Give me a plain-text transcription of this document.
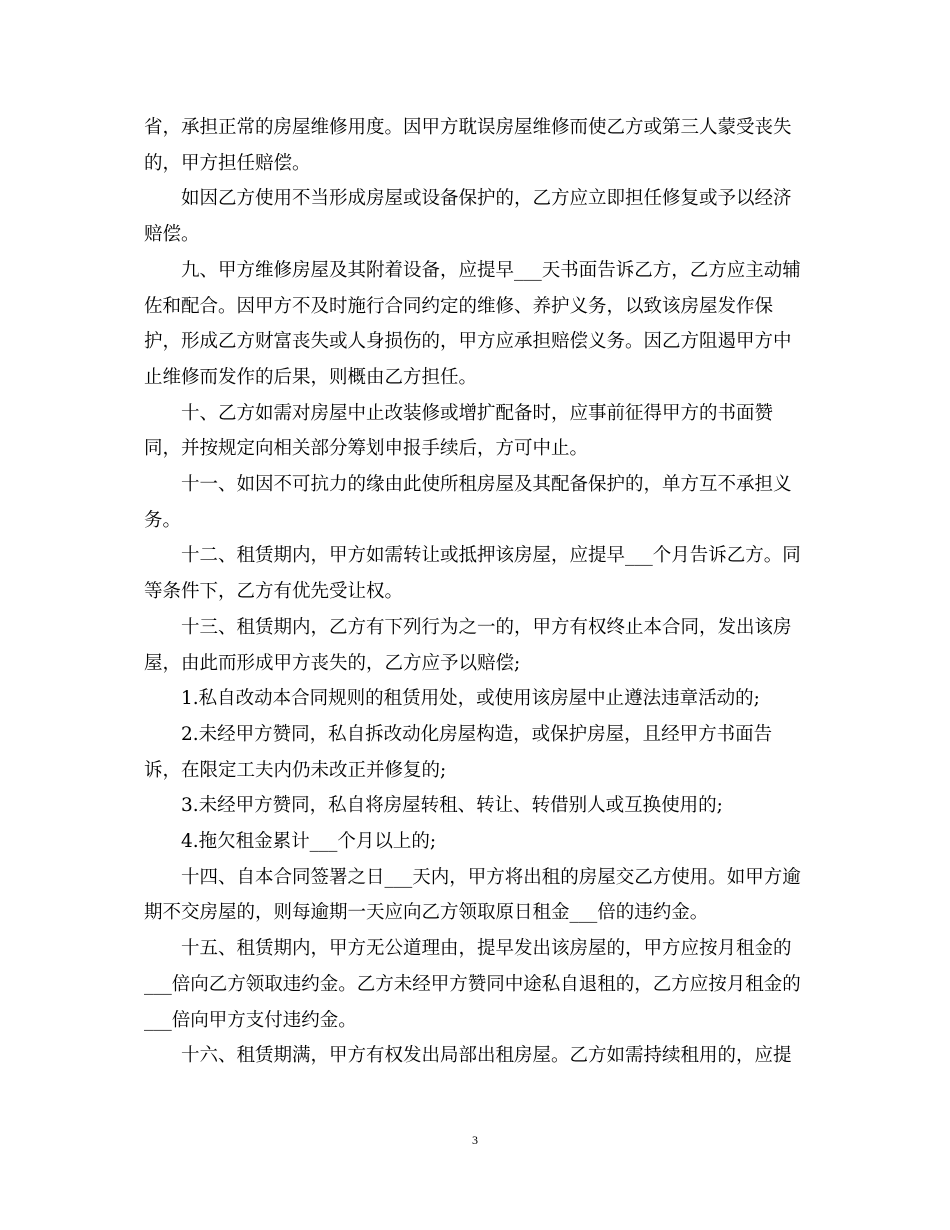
省，承担正常的房屋维修用度。因甲方耽误房屋维修而使乙方或第三人蒙受丧失
的，甲方担任赔偿。
如因乙方使用不当形成房屋或设备保护的，乙方应立即担任修复或予以经济
赔偿。
九、甲方维修房屋及其附着设备，应提早___天书面告诉乙方，乙方应主动辅
佐和配合。因甲方不及时施行合同约定的维修、养护义务，以致该房屋发作保
护，形成乙方财富丧失或人身损伤的，甲方应承担赔偿义务。因乙方阻遏甲方中
止维修而发作的后果，则概由乙方担任。
十、乙方如需对房屋中止改装修或增扩配备时，应事前征得甲方的书面赞
同，并按规定向相关部分筹划申报手续后，方可中止。
十一、如因不可抗力的缘由此使所租房屋及其配备保护的，单方互不承担义
务。
十二、租赁期内，甲方如需转让或抵押该房屋，应提早___个月告诉乙方。同
等条件下，乙方有优先受让权。
十三、租赁期内，乙方有下列行为之一的，甲方有权终止本合同，发出该房
屋，由此而形成甲方丧失的，乙方应予以赔偿;
1.私自改动本合同规则的租赁用处，或使用该房屋中止遵法违章活动的;
2.未经甲方赞同，私自拆改动化房屋构造，或保护房屋，且经甲方书面告
诉，在限定工夫内仍未改正并修复的;
3.未经甲方赞同，私自将房屋转租、转让、转借别人或互换使用的;
4.拖欠租金累计___个月以上的;
十四、自本合同签署之日___天内，甲方将出租的房屋交乙方使用。如甲方逾
期不交房屋的，则每逾期一天应向乙方领取原日租金___倍的违约金。
十五、租赁期内，甲方无公道理由，提早发出该房屋的，甲方应按月租金的
___倍向乙方领取违约金。乙方未经甲方赞同中途私自退租的，乙方应按月租金的
___倍向甲方支付违约金。
十六、租赁期满，甲方有权发出局部出租房屋。乙方如需持续租用的，应提
3
